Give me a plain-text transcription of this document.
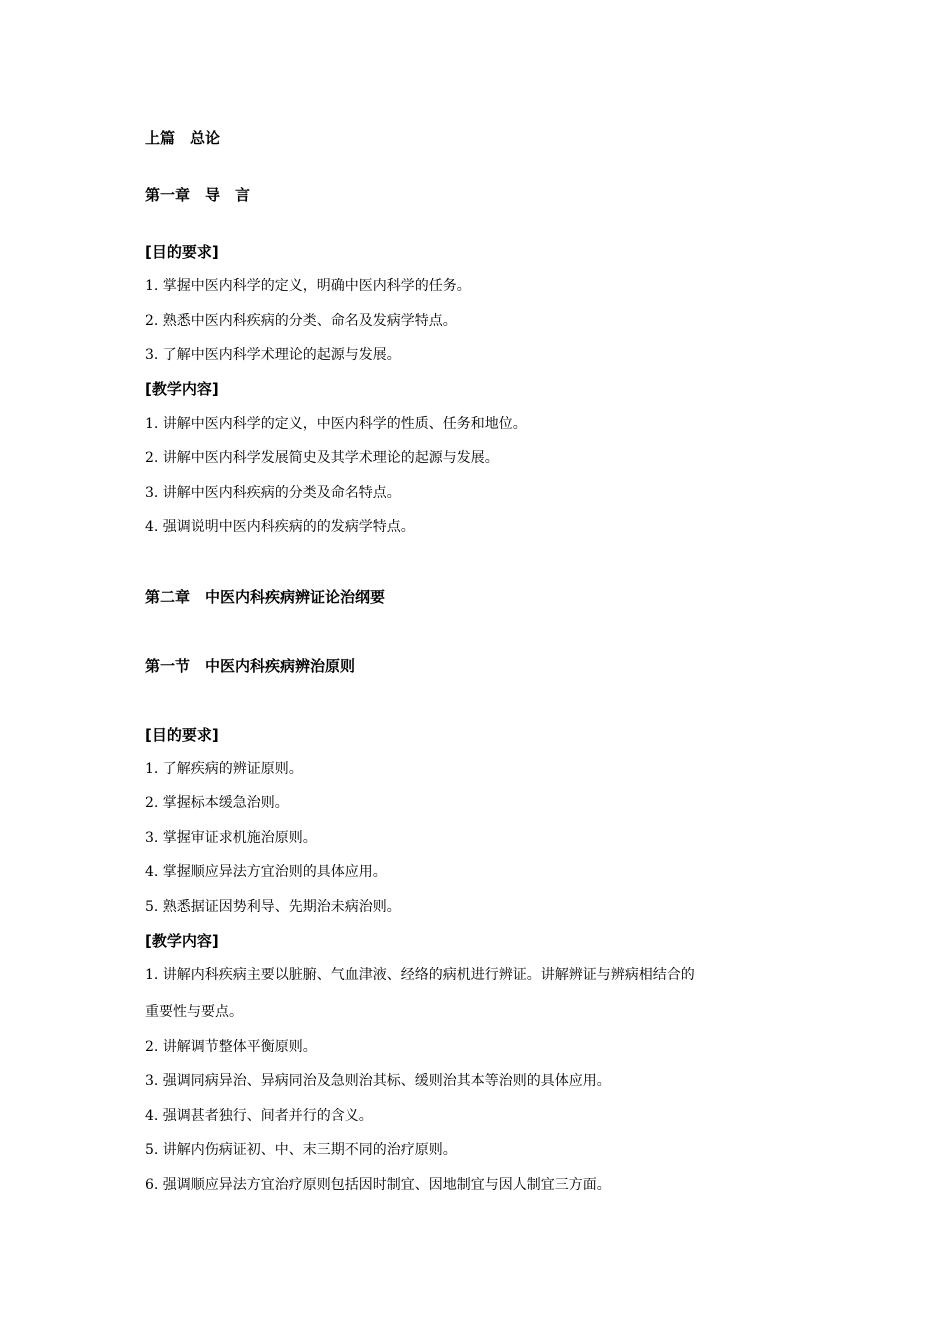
上篇　总论
第一章　导　言
[目的要求]
1. 掌握中医内科学的定义，明确中医内科学的任务。
2. 熟悉中医内科疾病的分类、命名及发病学特点。
3. 了解中医内科学术理论的起源与发展。
[教学内容]
1. 讲解中医内科学的定义，中医内科学的性质、任务和地位。
2. 讲解中医内科学发展简史及其学术理论的起源与发展。
3. 讲解中医内科疾病的分类及命名特点。
4. 强调说明中医内科疾病的的发病学特点。
第二章　中医内科疾病辨证论治纲要
第一节　中医内科疾病辨治原则
[目的要求]
1. 了解疾病的辨证原则。
2. 掌握标本缓急治则。
3. 掌握审证求机施治原则。
4. 掌握顺应异法方宜治则的具体应用。
5. 熟悉据证因势利导、先期治未病治则。
[教学内容]
1. 讲解内科疾病主要以脏腑、气血津液、经络的病机进行辨证。讲解辨证与辨病相结合的
重要性与要点。
2. 讲解调节整体平衡原则。
3. 强调同病异治、异病同治及急则治其标、缓则治其本等治则的具体应用。
4. 强调甚者独行、间者并行的含义。
5. 讲解内伤病证初、中、末三期不同的治疗原则。
6. 强调顺应异法方宜治疗原则包括因时制宜、因地制宜与因人制宜三方面。
